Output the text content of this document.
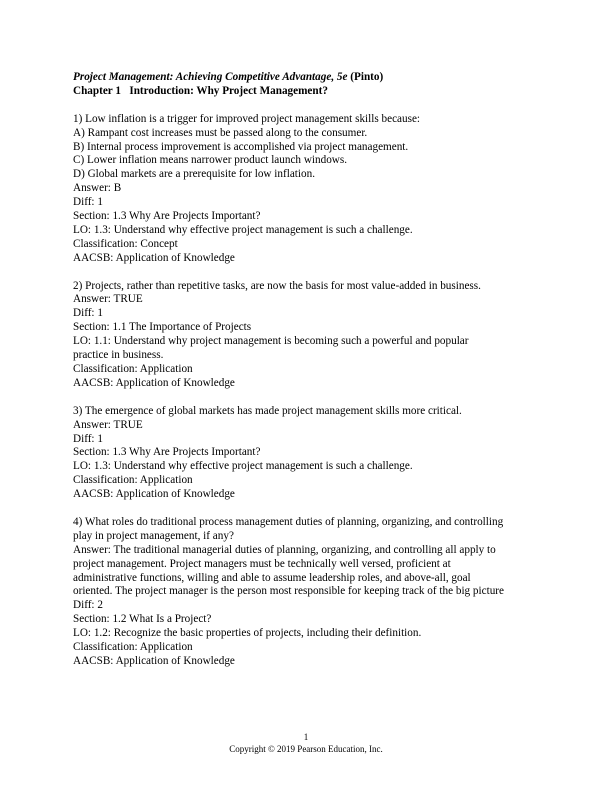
Project Management: Achieving Competitive Advantage, 5e (Pinto)
Chapter 1 Introduction: Why Project Management?
1) Low inflation is a trigger for improved project management skills because:
A) Rampant cost increases must be passed along to the consumer.
B) Internal process improvement is accomplished via project management.
C) Lower inflation means narrower product launch windows.
D) Global markets are a prerequisite for low inflation.
Answer: B
Diff: 1
Section: 1.3 Why Are Projects Important?
LO: 1.3: Understand why effective project management is such a challenge.
Classification: Concept
AACSB: Application of Knowledge
2) Projects, rather than repetitive tasks, are now the basis for most value-added in business.
Answer: TRUE
Diff: 1
Section: 1.1 The Importance of Projects
LO: 1.1: Understand why project management is becoming such a powerful and popular
practice in business.
Classification: Application
AACSB: Application of Knowledge
3) The emergence of global markets has made project management skills more critical.
Answer: TRUE
Diff: 1
Section: 1.3 Why Are Projects Important?
LO: 1.3: Understand why effective project management is such a challenge.
Classification: Application
AACSB: Application of Knowledge
4) What roles do traditional process management duties of planning, organizing, and controlling
play in project management, if any?
Answer: The traditional managerial duties of planning, organizing, and controlling all apply to
project management. Project managers must be technically well versed, proficient at
administrative functions, willing and able to assume leadership roles, and above-all, goal
oriented. The project manager is the person most responsible for keeping track of the big picture
Diff: 2
Section: 1.2 What Is a Project?
LO: 1.2: Recognize the basic properties of projects, including their definition.
Classification: Application
AACSB: Application of Knowledge
1
Copyright © 2019 Pearson Education, Inc.
